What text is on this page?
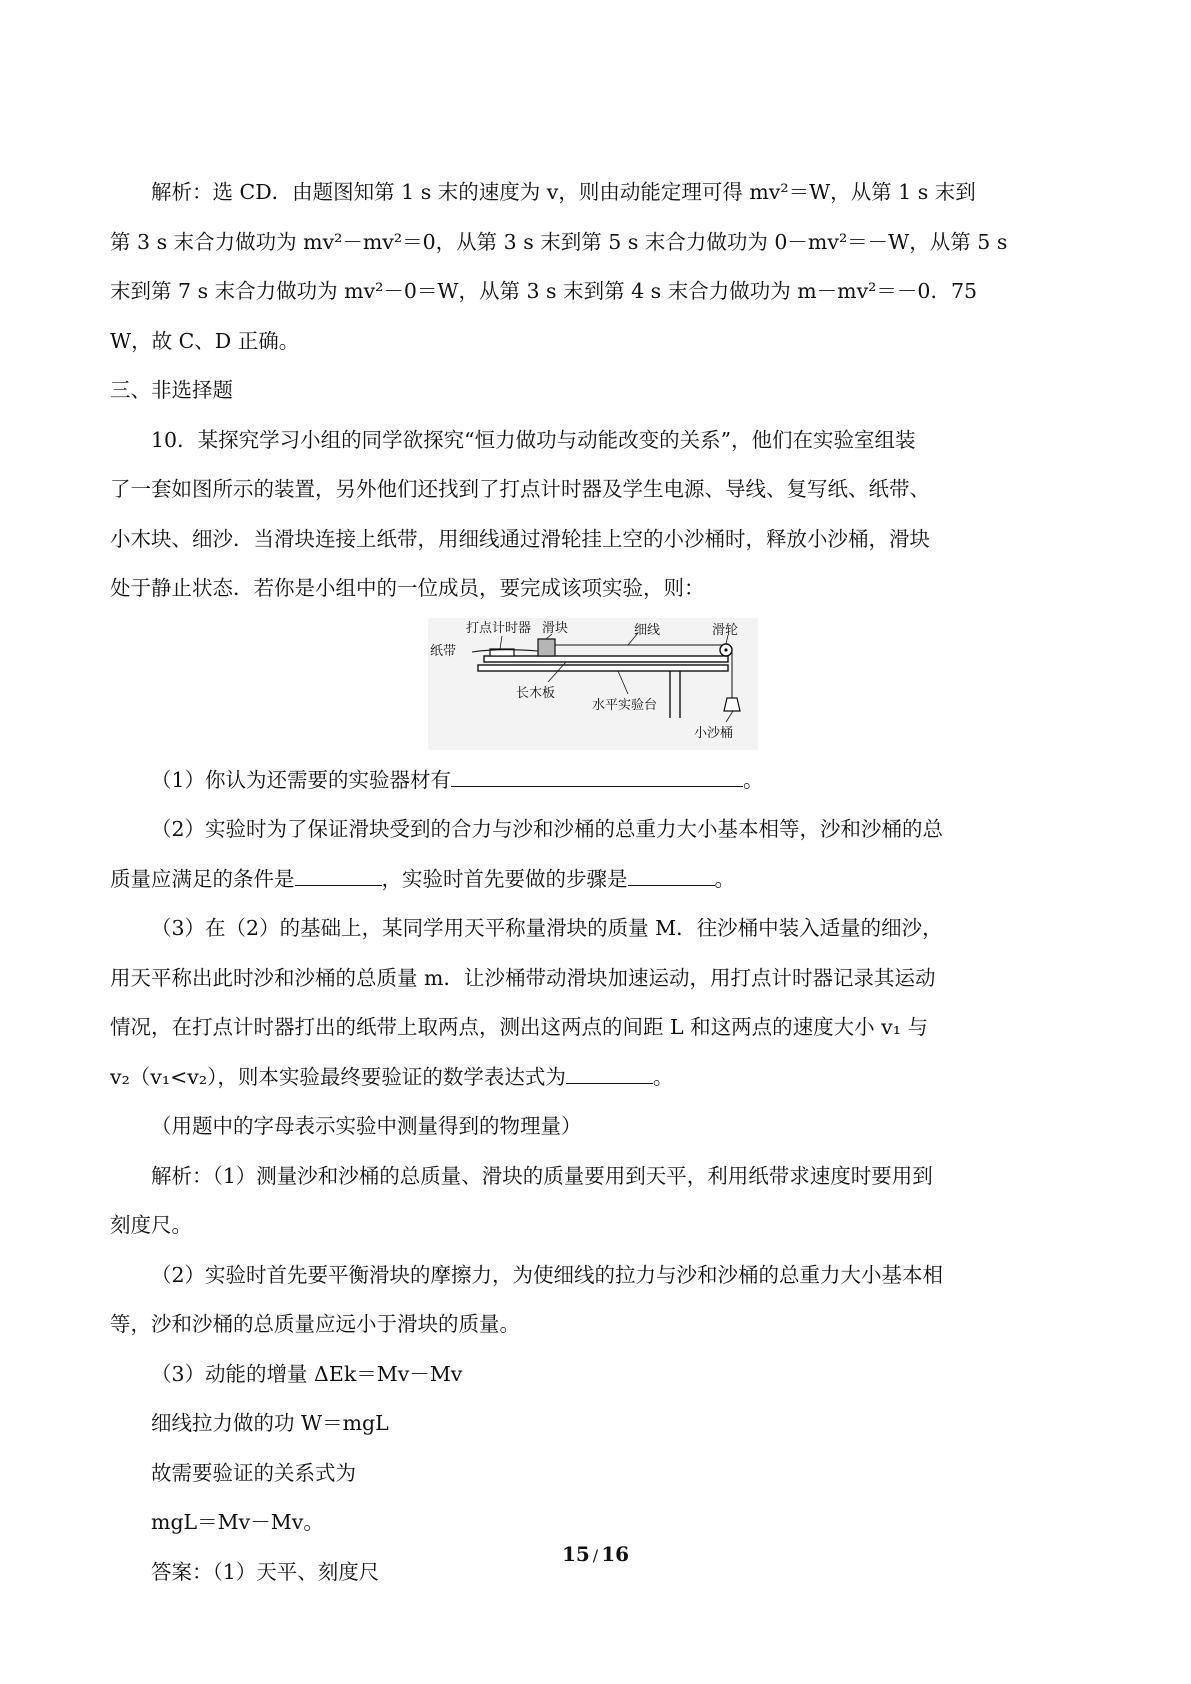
解析：选 CD．由题图知第 1 s 末的速度为 v，则由动能定理可得 mv²＝W，从第 1 s 末到

第 3 s 末合力做功为 mv²－mv²＝0，从第 3 s 末到第 5 s 末合力做功为 0－mv²＝－W，从第 5 s

末到第 7 s 末合力做功为 mv²－0＝W，从第 3 s 末到第 4 s 末合力做功为 m－mv²＝－0．75

W，故 C、D 正确。

三、非选择题

10．某探究学习小组的同学欲探究“恒力做功与动能改变的关系”，他们在实验室组装

了一套如图所示的装置，另外他们还找到了打点计时器及学生电源、导线、复写纸、纸带、

小木块、细沙．当滑块连接上纸带，用细线通过滑轮挂上空的小沙桶时，释放小沙桶，滑块

处于静止状态．若你是小组中的一位成员，要完成该项实验，则：

打点计时器 滑块	细线	滑轮
纸带
长木板
水平实验台
小沙桶

（1）你认为还需要的实验器材有	。

（2）实验时为了保证滑块受到的合力与沙和沙桶的总重力大小基本相等，沙和沙桶的总

质量应满足的条件是	，实验时首先要做的步骤是	。

（3）在（2）的基础上，某同学用天平称量滑块的质量 M．往沙桶中装入适量的细沙，

用天平称出此时沙和沙桶的总质量 m．让沙桶带动滑块加速运动，用打点计时器记录其运动

情况，在打点计时器打出的纸带上取两点，测出这两点的间距 L 和这两点的速度大小 v₁ 与

v₂（v₁<v₂），则本实验最终要验证的数学表达式为	。

（用题中的字母表示实验中测量得到的物理量）

解析：（1）测量沙和沙桶的总质量、滑块的质量要用到天平，利用纸带求速度时要用到

刻度尺。

（2）实验时首先要平衡滑块的摩擦力，为使细线的拉力与沙和沙桶的总重力大小基本相

等，沙和沙桶的总质量应远小于滑块的质量。

（3）动能的增量 ΔEk＝Mv－Mv

细线拉力做的功 W＝mgL

故需要验证的关系式为

mgL＝Mv－Mv。

答案：（1）天平、刻度尺

15 / 16
